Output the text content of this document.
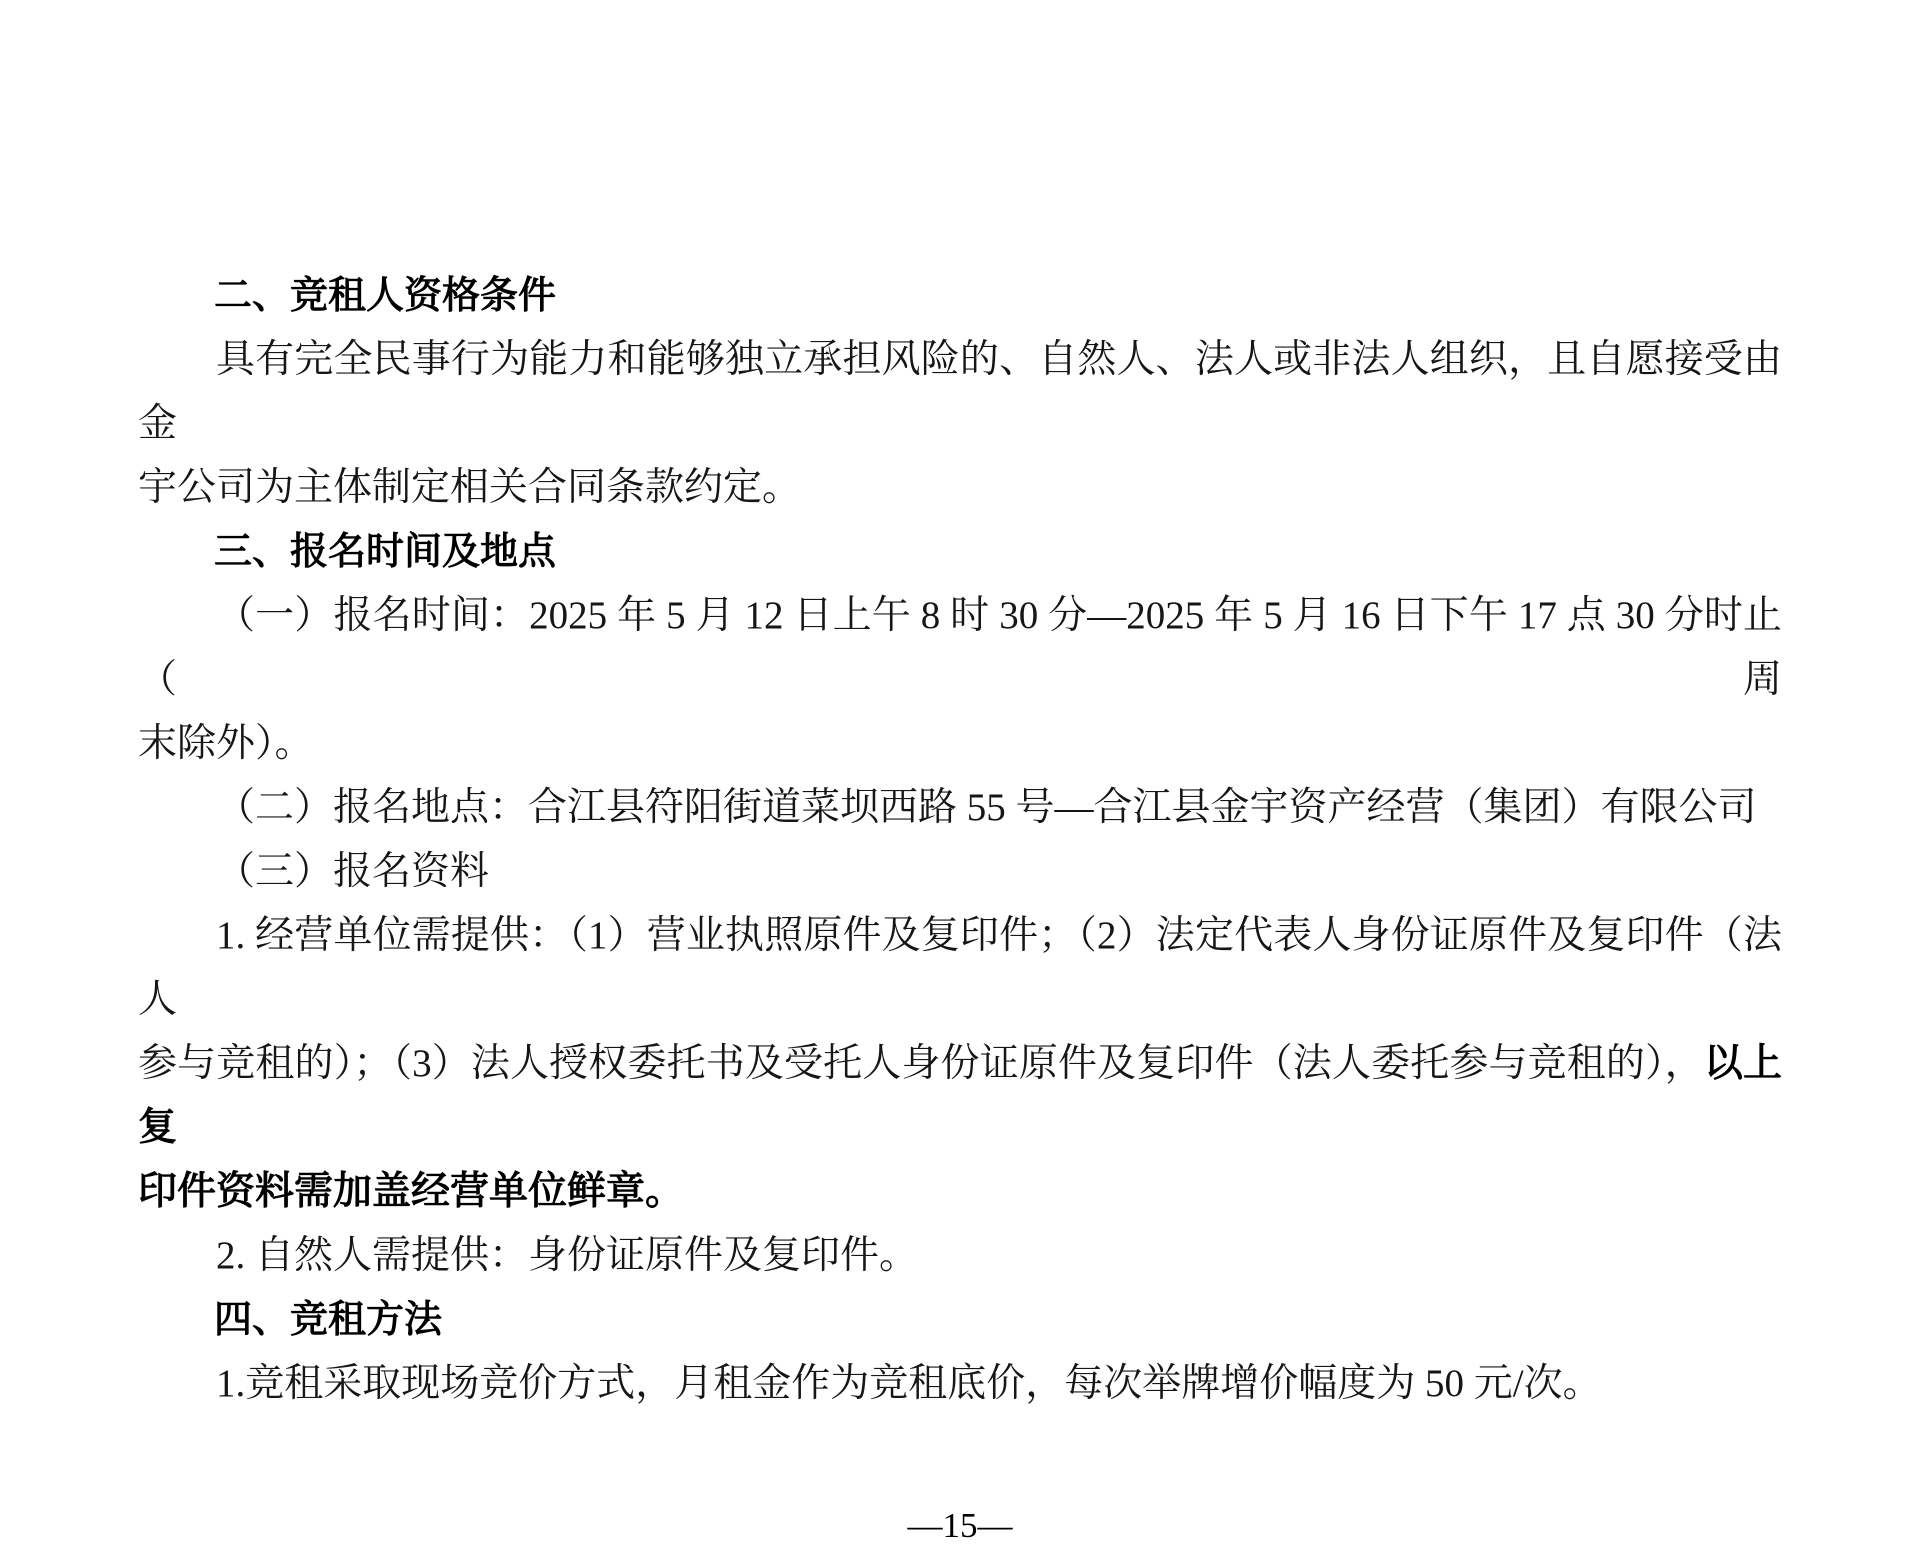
二、竞租人资格条件
具有完全民事行为能力和能够独立承担风险的、自然人、法人或非法人组织，且自愿接受由金
宇公司为主体制定相关合同条款约定。
三、报名时间及地点
（一）报名时间：2025 年 5 月 12 日上午 8 时 30 分—2025 年 5 月 16 日下午 17 点 30 分时止（周
末除外）。
（二）报名地点：合江县符阳街道菜坝西路 55 号—合江县金宇资产经营（集团）有限公司
（三）报名资料
1. 经营单位需提供：（1）营业执照原件及复印件；（2）法定代表人身份证原件及复印件（法人
参与竞租的）；（3）法人授权委托书及受托人身份证原件及复印件（法人委托参与竞租的），以上复
印件资料需加盖经营单位鲜章。
2. 自然人需提供：身份证原件及复印件。
四、竞租方法
1.竞租采取现场竞价方式，月租金作为竞租底价，每次举牌增价幅度为 50 元/次。
—15—
